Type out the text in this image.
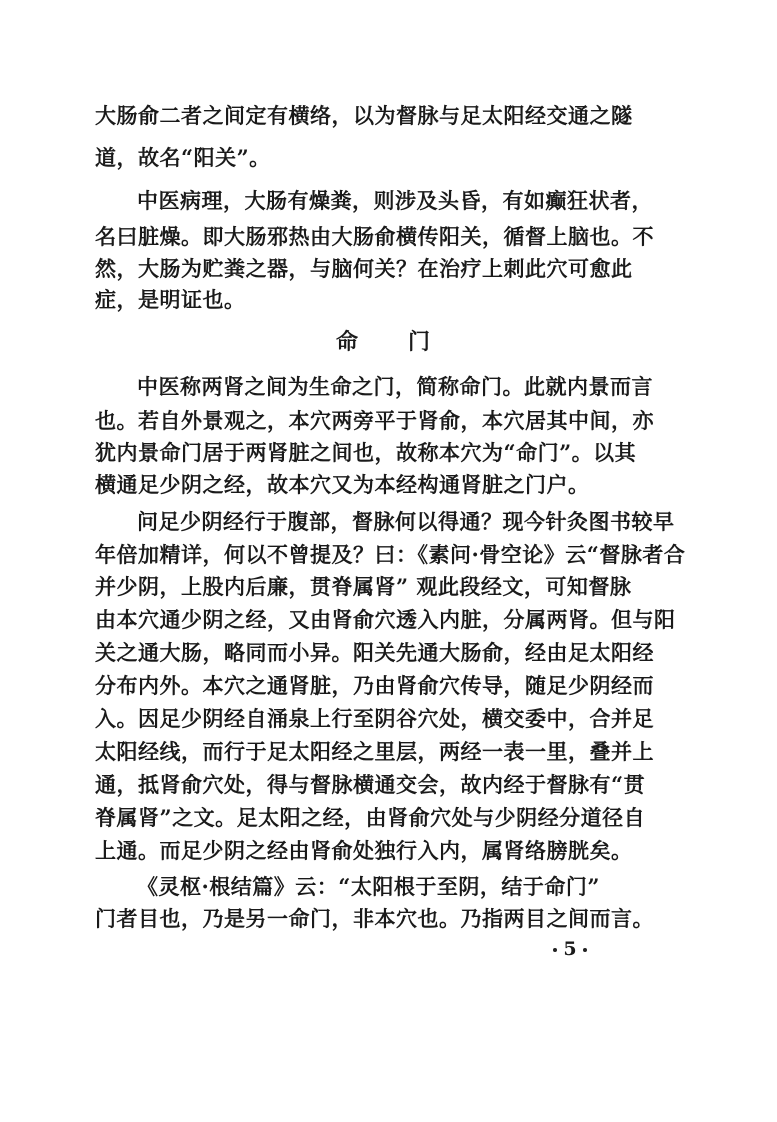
大肠俞二者之间定有横络，以为督脉与足太阳经交通之隧
道，故名“阳关”。
中医病理，大肠有燥粪，则涉及头昏，有如癫狂状者，
名曰脏燥。即大肠邪热由大肠俞横传阳关，循督上脑也。不
然，大肠为贮粪之器，与脑何关？在治疗上刺此穴可愈此
症，是明证也。
命 门
中医称两肾之间为生命之门，简称命门。此就内景而言
也。若自外景观之，本穴两旁平于肾俞，本穴居其中间，亦
犹内景命门居于两肾脏之间也，故称本穴为“命门”。以其
横通足少阴之经，故本穴又为本经构通肾脏之门户。
问足少阴经行于腹部，督脉何以得通？现今针灸图书较早
年倍加精详，何以不曾提及？曰：《素问·骨空论》云“督脉者合
并少阴，上股内后廉，贯脊属肾” 观此段经文，可知督脉
由本穴通少阴之经，又由肾俞穴透入内脏，分属两肾。但与阳
关之通大肠，略同而小异。阳关先通大肠俞，经由足太阳经
分布内外。本穴之通肾脏，乃由肾俞穴传导，随足少阴经而
入。因足少阴经自涌泉上行至阴谷穴处，横交委中，合并足
太阳经线，而行于足太阳经之里层，两经一表一里，叠并上
通，抵肾俞穴处，得与督脉横通交会，故内经于督脉有“贯
脊属肾”之文。足太阳之经，由肾俞穴处与少阴经分道径自
上通。而足少阴之经由肾俞处独行入内，属肾络膀胱矣。
《灵枢·根结篇》云：“太阳根于至阴，结于命门”
门者目也，乃是另一命门，非本穴也。乃指两目之间而言。
5
